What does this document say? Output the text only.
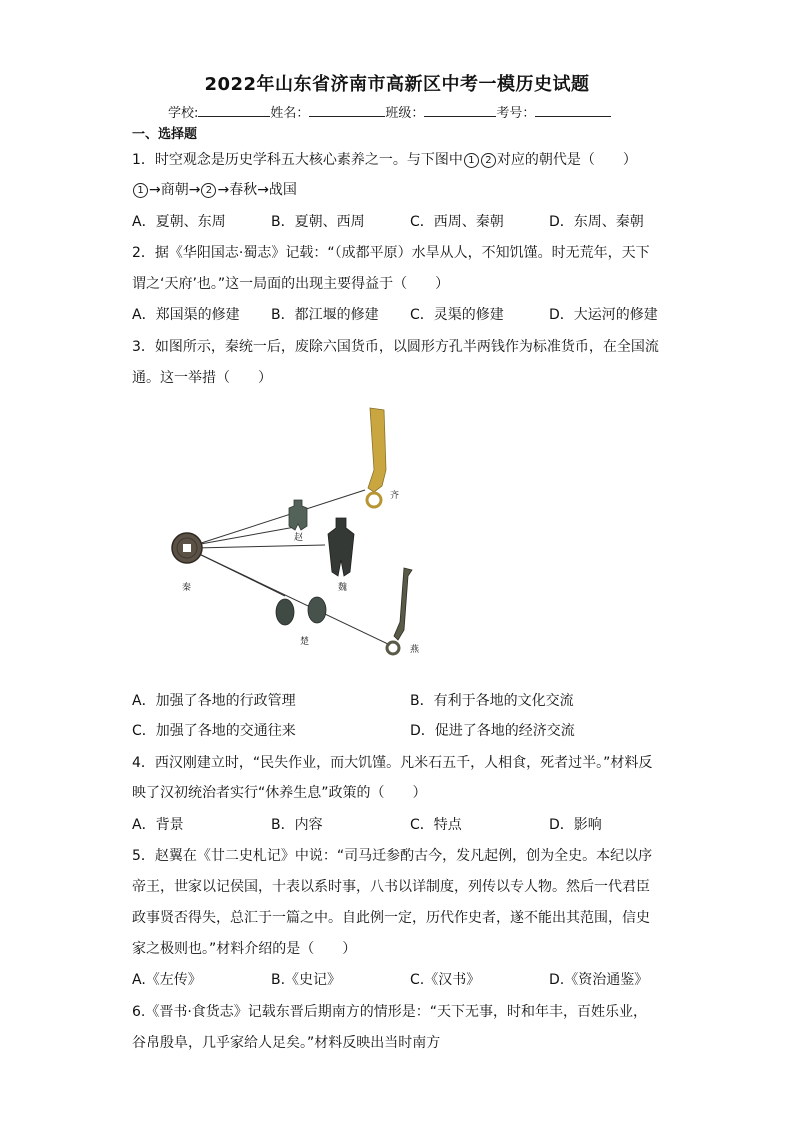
2022年山东省济南市高新区中考一模历史试题
学校:	姓名：	班级：	考号：
一、选择题
1．时空观念是历史学科五大核心素养之一。与下图中 1 2 对应的朝代是（　　）
1 →商朝→ 2 →春秋→战国
A．夏朝、东周	B．夏朝、西周	C．西周、秦朝	D．东周、秦朝
2．据《华阳国志·蜀志》记载：“（成都平原）水旱从人，不知饥馑。时无荒年，天下
谓之‘天府’也。”这一局面的出现主要得益于（　　）
A．郑国渠的修建 B．都江堰的修建 C．灵渠的修建	D．大运河的修建
3．如图所示，秦统一后，废除六国货币，以圆形方孔半两钱作为标准货币，在全国流
通。这一举措（　　）
秦
齐
赵
魏
楚
燕
A．加强了各地的行政管理	B．有利于各地的文化交流
C．加强了各地的交通往来	D．促进了各地的经济交流
4．西汉刚建立时，“民失作业，而大饥馑。凡米石五千，人相食，死者过半。”材料反
映了汉初统治者实行“休养生息”政策的（　　）
A．背景	B．内容	C．特点	D．影响
5．赵翼在《廿二史札记》中说：“司马迁参酌古今，发凡起例，创为全史。本纪以序
帝王，世家以记侯国，十表以系时事，八书以详制度，列传以专人物。然后一代君臣
政事贤否得失，总汇于一篇之中。自此例一定，历代作史者，遂不能出其范围，信史
家之极则也。”材料介绍的是（　　）
A.《左传》	B.《史记》	C.《汉书》	D.《资治通鉴》
6.《晋书·食货志》记载东晋后期南方的情形是：“天下无事，时和年丰，百姓乐业，
谷帛殷阜，几乎家给人足矣。”材料反映出当时南方
